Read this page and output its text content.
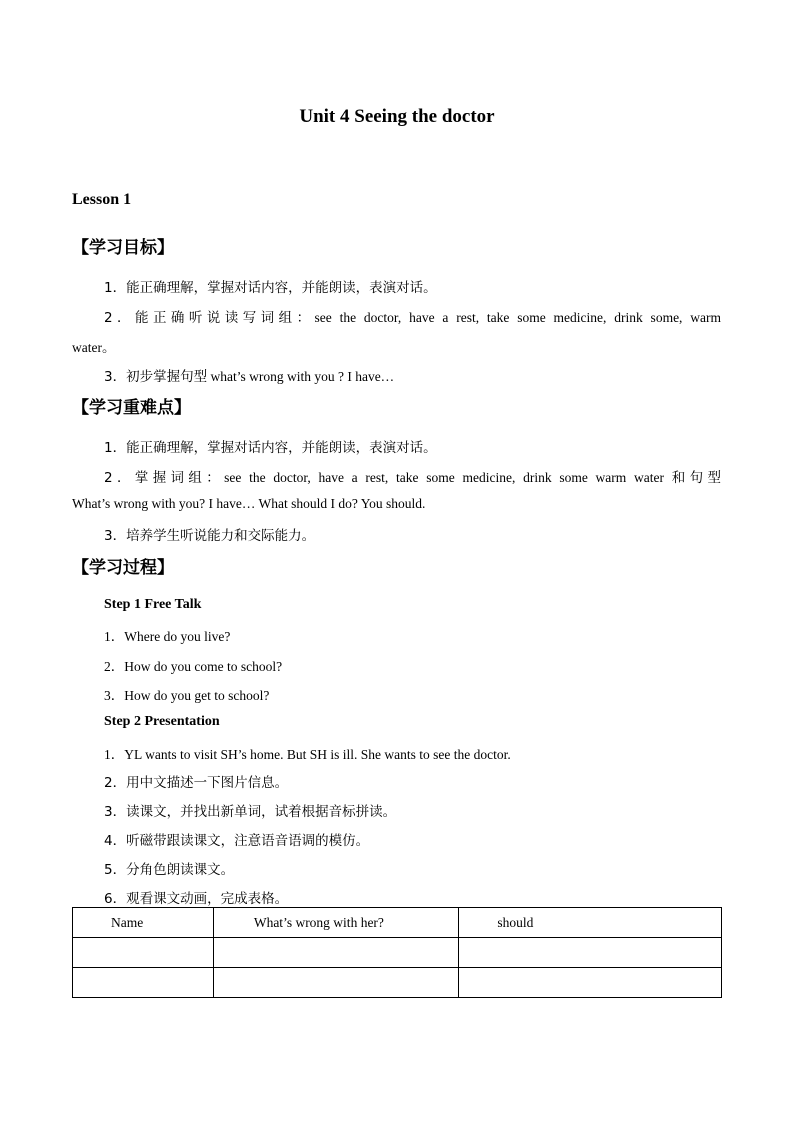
Unit 4 Seeing the doctor
Lesson 1
【学习目标】
1．能正确理解，掌握对话内容，并能朗读，表演对话。
2．能正确听说读写词组：see the doctor, have a rest, take some medicine, drink some, warm
water。
3．初步掌握句型 what’s wrong with you ? I have…
【学习重难点】
1．能正确理解，掌握对话内容，并能朗读，表演对话。
2．掌握词组：see the doctor, have a rest, take some medicine, drink some warm water 和句型
What’s wrong with you? I have… What should I do? You should.
3．培养学生听说能力和交际能力。
【学习过程】
Step 1 Free Talk
1．Where do you live?
2．How do you come to school?
3．How do you get to school?
Step 2 Presentation
1．YL wants to visit SH’s home. But SH is ill. She wants to see the doctor.
2．用中文描述一下图片信息。
3．读课文，并找出新单词，试着根据音标拼读。
4．听磁带跟读课文，注意语音语调的模仿。
5．分角色朗读课文。
6．观看课文动画，完成表格。
Name	What’s wrong with her?	should
